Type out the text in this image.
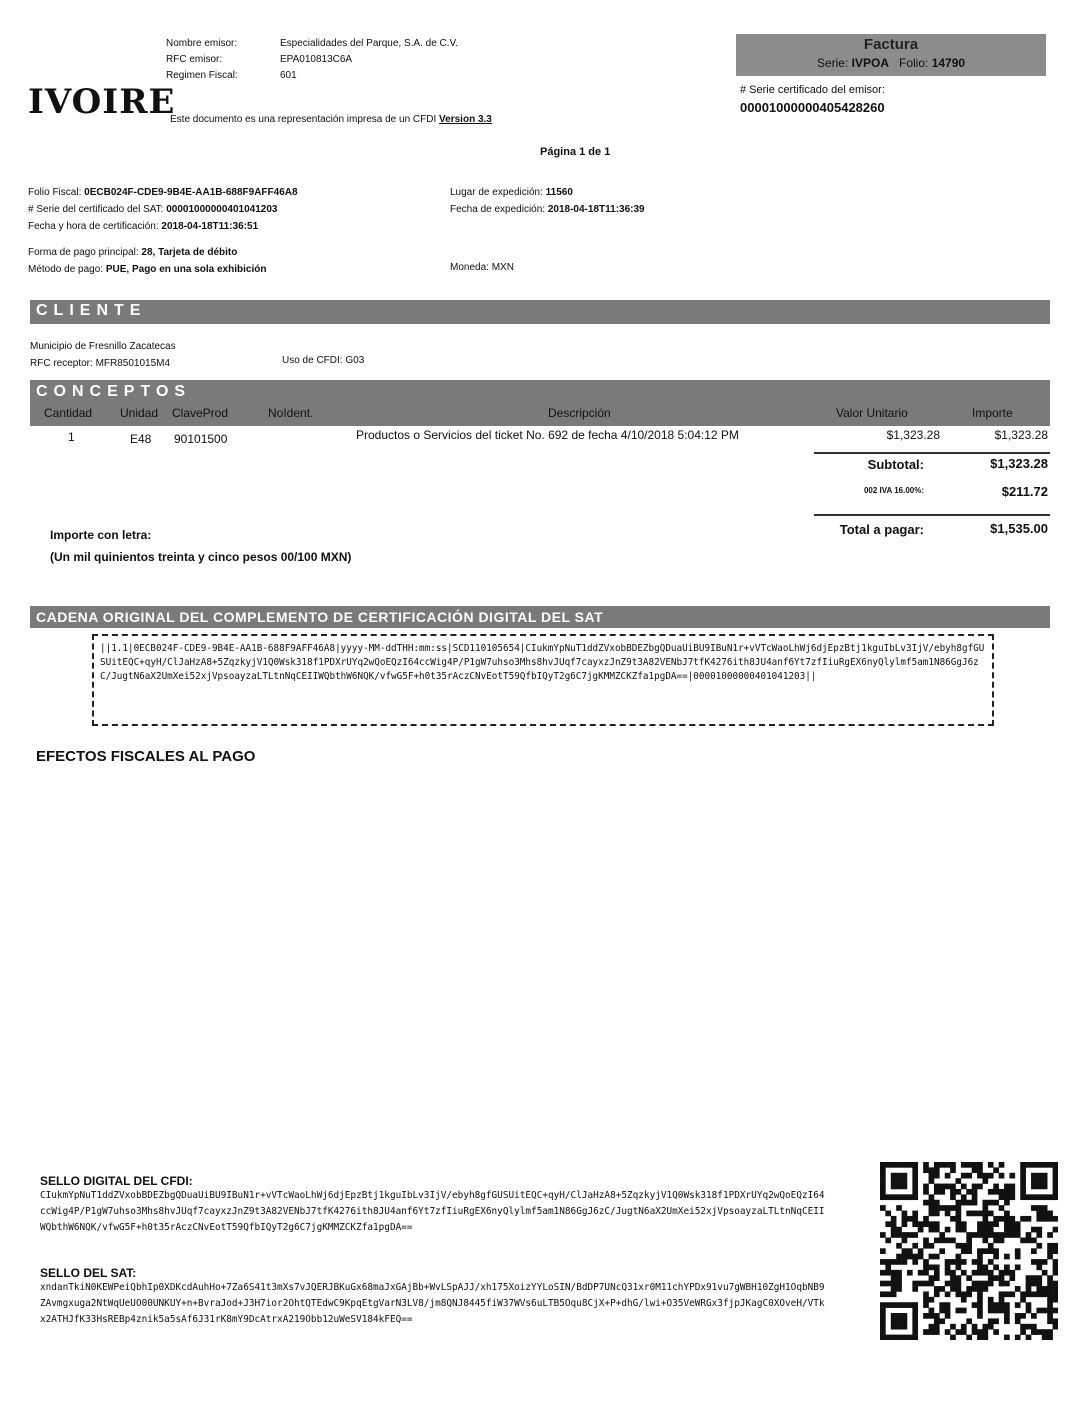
IVOIRE
Nombre emisor:	Especialidades del Parque, S.A. de C.V.
RFC emisor:	EPA010813C6A
Regimen Fiscal:	601
Este documento es una representación impresa de un CFDI Version 3.3
Factura
Serie: IVPOA Folio: 14790
# Serie certificado del emisor:
00001000000405428260
Página 1 de 1
Folio Fiscal: 0ECB024F-CDE9-9B4E-AA1B-688F9AFF46A8
# Serie del certificado del SAT: 00001000000401041203
Fecha y hora de certificación: 2018-04-18T11:36:51
Lugar de expedición: 11560
Fecha de expedición: 2018-04-18T11:36:39
Forma de pago principal: 28, Tarjeta de débito
Método de pago: PUE, Pago en una sola exhibición	Moneda: MXN
CLIENTE
Municipio de Fresnillo Zacatecas
RFC receptor: MFR8501015M4	Uso de CFDI: G03
CONCEPTOS
Cantidad Unidad ClaveProd	NoIdent.	Descripción	Valor Unitario	Importe
1	E48 90101500	Productos o Servicios del ticket No. 692 de fecha 4/10/2018 5:04:12 PM	$1,323.28	$1,323.28
Subtotal:	$1,323.28
002 IVA 16.00%:	$211.72
Total a pagar:	$1,535.00
Importe con letra:
(Un mil quinientos treinta y cinco pesos 00/100 MXN)
CADENA ORIGINAL DEL COMPLEMENTO DE CERTIFICACIÓN DIGITAL DEL SAT
||1.1|0ECB024F-CDE9-9B4E-AA1B-688F9AFF46A8|yyyy-MM-ddTHH:mm:ss|SCD110105654|CIukmYpNuT1ddZVxobBDEZbgQDuaUiBU9IBuN1r+vVTcWaoLhWj6djEpzBtj1kguIbLv3IjV/ebyh8gfGUSUitEQC+qyH/ClJaHzA8+5ZqzkyjV1Q0Wsk318f1PDXrUYq2wQoEQzI64ccWig4P/P1gW7uhso3Mhs8hvJUqf7cayxzJnZ9t3A82VENbJ7tfK4276ith8JU4anf6Yt7zfIiuRgEX6nyQlylmf5am1N86GgJ6zC/JugtN6aX2UmXei52xjVpsoayzaLTLtnNqCEIIWQbthW6NQK/vfwG5F+h0t35rAczCNvEotT59QfbIQyT2g6C7jgKMMZCKZfa1pgDA==|00001000000401041203||
EFECTOS FISCALES AL PAGO
SELLO DIGITAL DEL CFDI:
CIukmYpNuT1ddZVxobBDEZbgQDuaUiBU9IBuN1r+vVTcWaoLhWj6djEpzBtj1kguIbLv3IjV/ebyh8gfGUSUitEQC+qyH/ClJaHzA8+5ZqzkyjV1Q0Wsk318f1PDXrUYq2wQoEQzI64ccWig4P/P1gW7uhso3Mhs8hvJUqf7cayxzJnZ9t3A82VENbJ7tfK4276ith8JU4anf6Yt7zfIiuRgEX6nyQlylmf5am1N86GgJ6zC/JugtN6aX2UmXei52xjVpsoayzaLTLtnNqCEIIWQbthW6NQK/vfwG5F+h0t35rAczCNvEotT59QfbIQyT2g6C7jgKMMZCKZfa1pgDA==
SELLO DEL SAT:
xndanTkiN0KEWPeiQbhIp0XDKcdAuhHo+7Za6S41t3mXs7vJQERJBKuGx68maJxGAjBb+WvLSpAJJ/xh175XoizYYLoSIN/BdDP7UNcQ31xr0M11chYPDx91vu7gWBH10ZgH1OqbNB9ZAvmgxuga2NtWqUeUO00UNKUY+n+BvraJod+J3H7ior2OhtQTEdwC9KpqEtgVarN3LV8/jm8QNJ8445fiW37WVs6uLTB5Oqu8CjX+P+dhG/lwi+O35VeWRGx3fjpJKagC0XOveH/VTkx2ATHJfK33HsREBp4znik5a5sAf6J31rK8mY9DcAtrxA219Obb12uWeSV184kFEQ==
